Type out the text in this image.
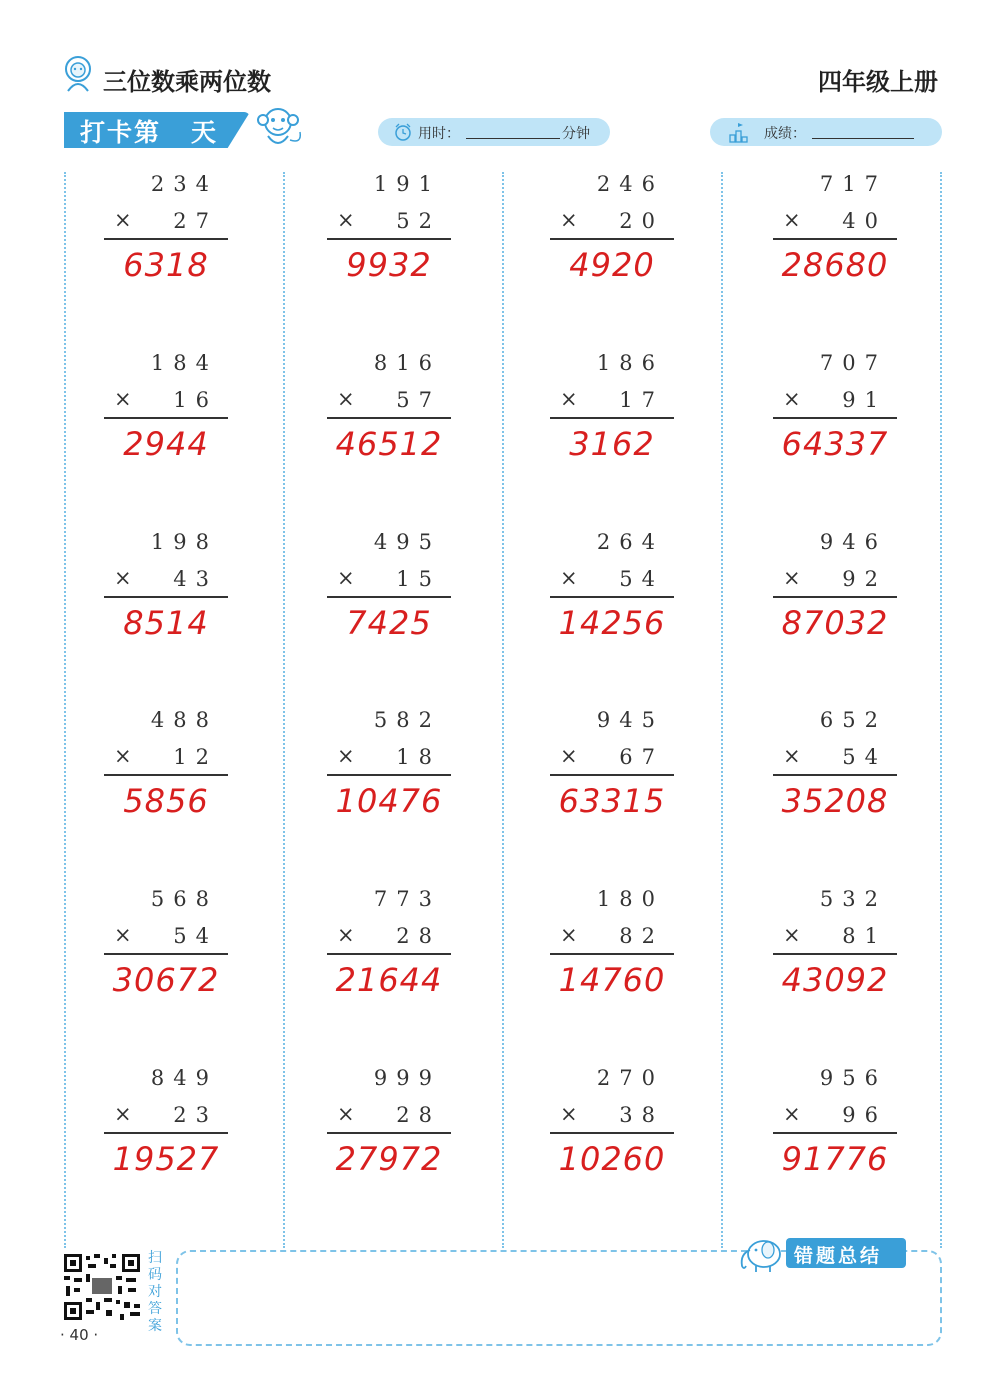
三位数乘两位数	四年级上册
打卡第 天	用时：	分钟	成绩：
234
× 27
6318
184
× 16
2944
198
× 43
8514
488
× 12
5856
568
× 54
30672
849
× 23
19527
191
× 52
9932
816
× 57
46512
495
× 15
7425
582
× 18
10476
773
× 28
21644
999
× 28
27972
246
× 20
4920
186
× 17
3162
264
× 54
14256
945
× 67
63315
180
× 82
14760
270
× 38
10260
717
× 40
28680
707
× 91
64337
946
× 92
87032
652
× 54
35208
532
× 81
43092
956
× 96
91776
错题总结
扫码对答案
· 40 ·
